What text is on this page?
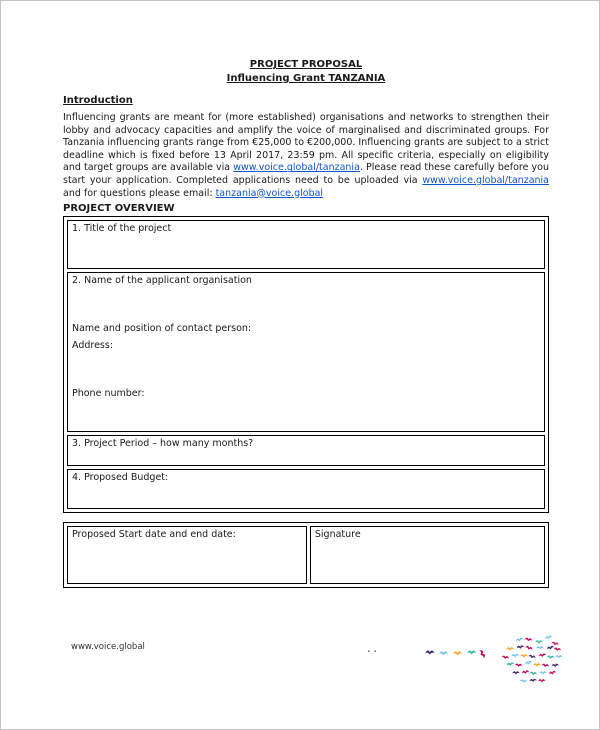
PROJECT PROPOSAL
Influencing Grant TANZANIA
Introduction

Influencing grants are meant for (more established) organisations and networks to strengthen their lobby and advocacy capacities and amplify the voice of marginalised and discriminated groups. For Tanzania influencing grants range from €25,000 to €200,000. Influencing grants are subject to a strict deadline which is fixed before 13 April 2017, 23:59 pm. All specific criteria, especially on eligibility and target groups are available via www.voice.global/tanzania. Please read these carefully before you start your application. Completed applications need to be uploaded via www.voice.global/tanzania and for questions please email: tanzania@voice.global

PROJECT OVERVIEW
1. Title of the project

2. Name of the applicant organisation
Name and position of contact person:
Address:
Phone number:

3. Project Period – how many months?
4. Proposed Budget:
Proposed Start date and end date:	Signature
www.voice.global	..
